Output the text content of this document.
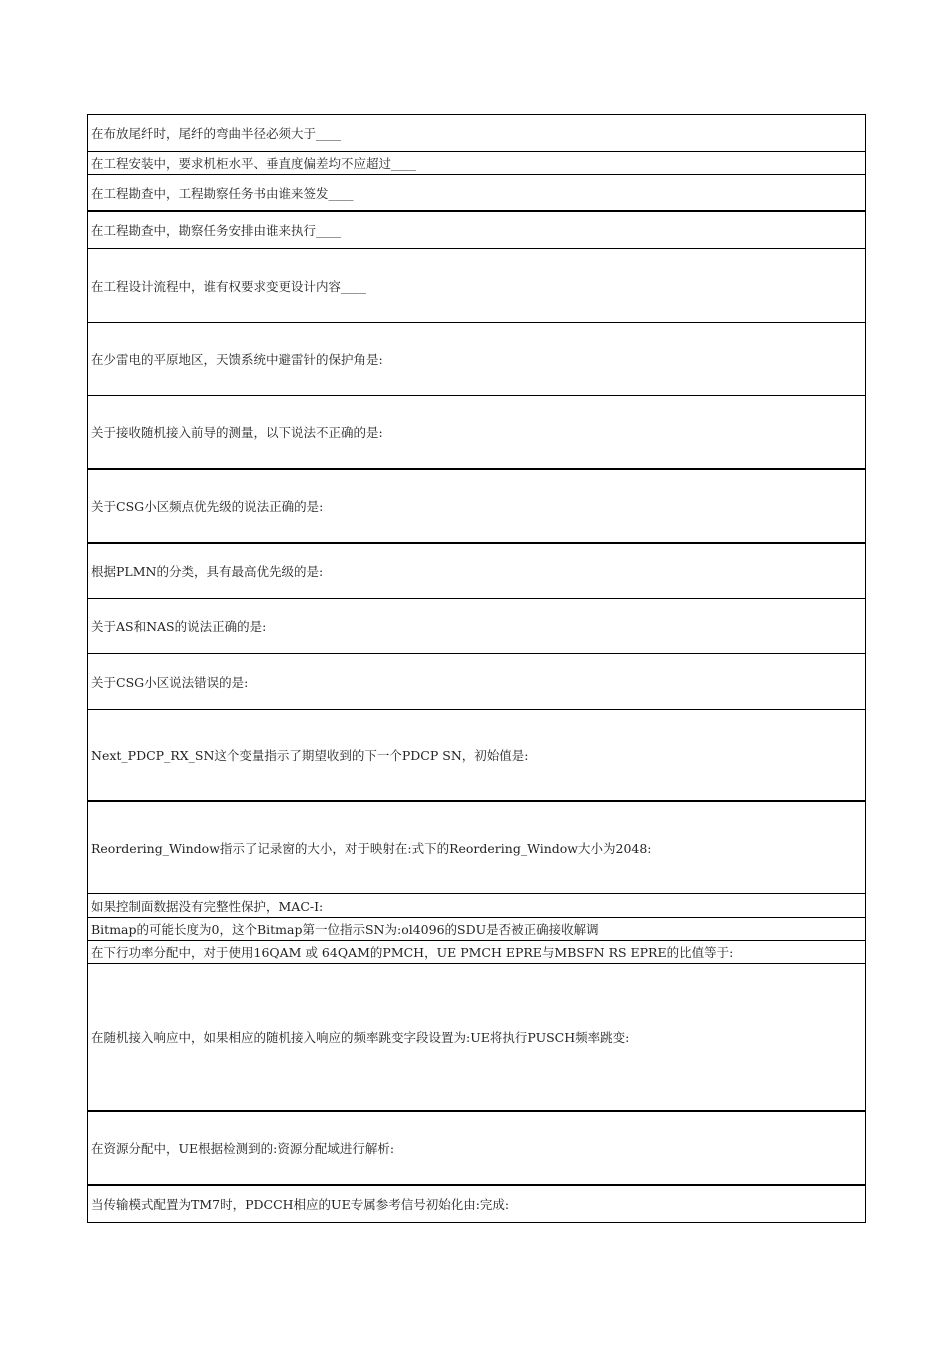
在布放尾纤时，尾纤的弯曲半径必须大于____
在工程安装中，要求机柜水平、垂直度偏差均不应超过____
在工程勘查中，工程勘察任务书由谁来签发____
在工程勘查中，勘察任务安排由谁来执行____
在工程设计流程中，谁有权要求变更设计内容____
在少雷电的平原地区，天馈系统中避雷针的保护角是:
关于接收随机接入前导的测量，以下说法不正确的是:
关于CSG小区频点优先级的说法正确的是:
根据PLMN的分类，具有最高优先级的是:
关于AS和NAS的说法正确的是:
关于CSG小区说法错误的是:
Next_PDCP_RX_SN这个变量指示了期望收到的下一个PDCP SN，初始值是:
Reordering_Window指示了记录窗的大小，对于映射在:式下的Reordering_Window大小为2048:
如果控制面数据没有完整性保护，MAC-I:
Bitmap的可能长度为0，这个Bitmap第一位指示SN为:ol4096的SDU是否被正确接收解调
在下行功率分配中，对于使用16QAM 或 64QAM的PMCH，UE PMCH EPRE与MBSFN RS EPRE的比值等于:
在随机接入响应中，如果相应的随机接入响应的频率跳变字段设置为:UE将执行PUSCH频率跳变:
在资源分配中，UE根据检测到的:资源分配域进行解析:
当传输模式配置为TM7时，PDCCH相应的UE专属参考信号初始化由:完成:
